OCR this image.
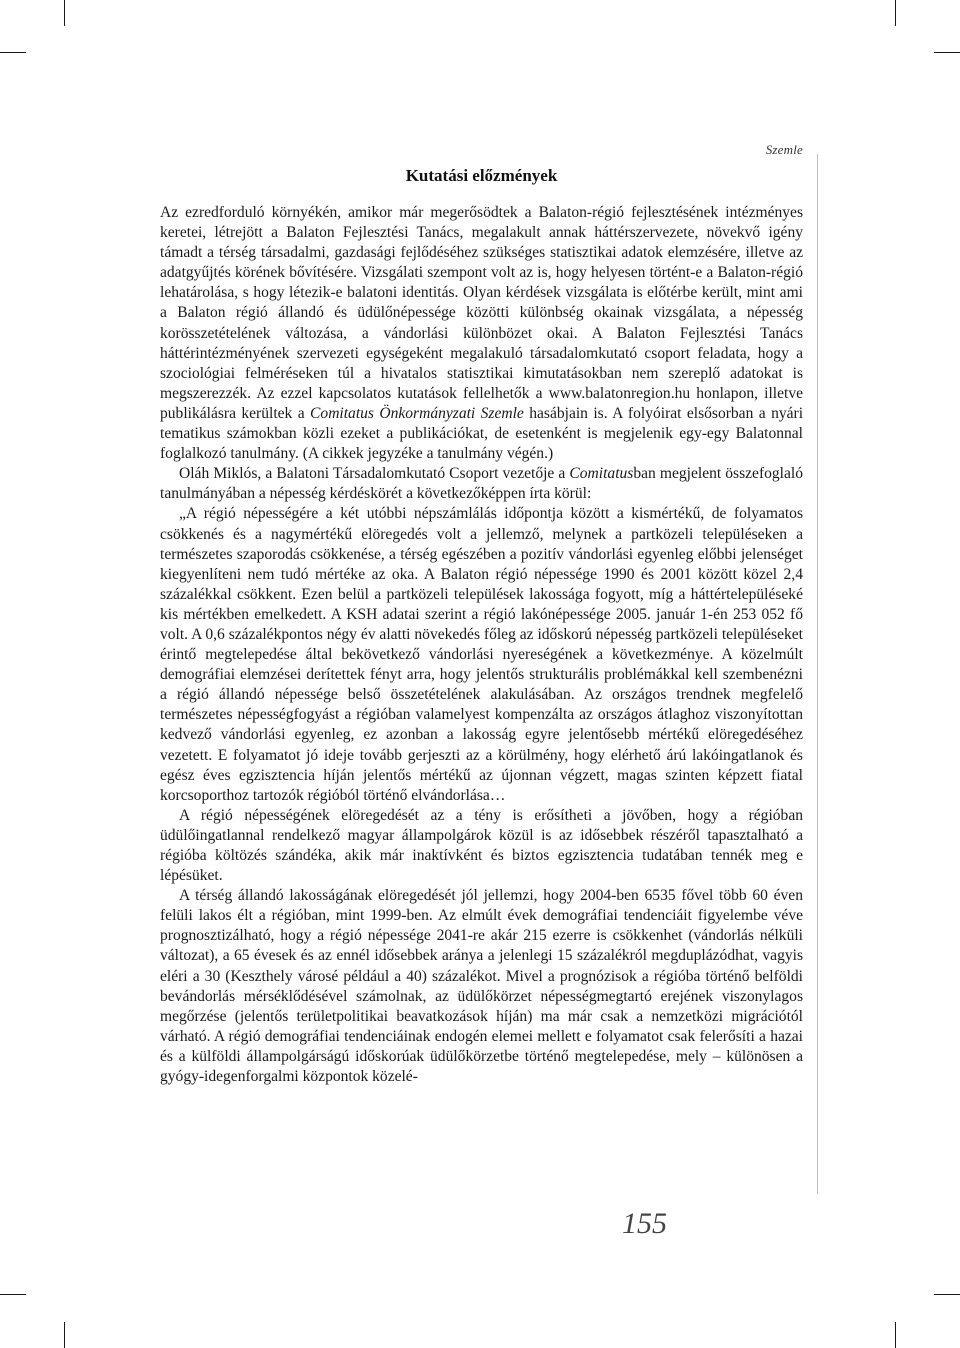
Szemle
Kutatási előzmények

Az ezredforduló környékén, amikor már megerősödtek a Balaton-régió fejlesztésének intézményes keretei, létrejött a Balaton Fejlesztési Tanács, megalakult annak háttérszervezete, növekvő igény támadt a térség társadalmi, gazdasági fejlődéséhez szükséges statisztikai adatok elemzésére, illetve az adatgyűjtés körének bővítésére. Vizsgálati szempont volt az is, hogy helyesen történt-e a Balaton-régió lehatárolása, s hogy létezik-e balatoni identitás. Olyan kérdések vizsgálata is előtérbe került, mint ami a Balaton régió állandó és üdülőnépessége közötti különbség okainak vizsgálata, a népesség korösszetételének változása, a vándorlási különbözet okai. A Balaton Fejlesztési Tanács háttérintézményének szervezeti egységeként megalakuló társadalomkutató csoport feladata, hogy a szociológiai felméréseken túl a hivatalos statisztikai kimutatásokban nem szereplő adatokat is megszerezzék. Az ezzel kapcsolatos kutatások fellelhetők a www.balatonregion.hu honlapon, illetve publikálásra kerültek a Comitatus Önkormányzati Szemle hasábjain is. A folyóirat elsősorban a nyári tematikus számokban közli ezeket a publikációkat, de esetenként is megjelenik egy-egy Balatonnal foglalkozó tanulmány. (A cikkek jegyzéke a tanulmány végén.)

Oláh Miklós, a Balatoni Társadalomkutató Csoport vezetője a Comitatusban megjelent összefoglaló tanulmányában a népesség kérdéskörét a következőképpen írta körül:

„A régió népességére a két utóbbi népszámlálás időpontja között a kismértékű, de folyamatos csökkenés és a nagymértékű elöregedés volt a jellemző, melynek a partközeli településeken a természetes szaporodás csökkenése, a térség egészében a pozitív vándorlási egyenleg előbbi jelenséget kiegyenlíteni nem tudó mértéke az oka. A Balaton régió népessége 1990 és 2001 között közel 2,4 százalékkal csökkent. Ezen belül a partközeli települések lakossága fogyott, míg a háttértelepüléseké kis mértékben emelkedett. A KSH adatai szerint a régió lakónépessége 2005. január 1-én 253 052 fő volt. A 0,6 százalékpontos négy év alatti növekedés főleg az időskorú népesség partközeli településeket érintő megtelepedése által bekövetkező vándorlási nyereségének a következménye. A közelmúlt demográfiai elemzései derítettek fényt arra, hogy jelentős strukturális problémákkal kell szembenézni a régió állandó népessége belső összetételének alakulásában. Az országos trendnek megfelelő természetes népességfogyást a régióban valamelyest kompenzálta az országos átlaghoz viszonyítottan kedvező vándorlási egyenleg, ez azonban a lakosság egyre jelentősebb mértékű elöregedéséhez vezetett. E folyamatot jó ideje tovább gerjeszti az a körülmény, hogy elérhető árú lakóingatlanok és egész éves egzisztencia híján jelentős mértékű az újonnan végzett, magas szinten képzett fiatal korcsoporthoz tartozók régióból történő elvándorlása…

A régió népességének elöregedését az a tény is erősítheti a jövőben, hogy a régióban üdülőingatlannal rendelkező magyar állampolgárok közül is az idősebbek részéről tapasztalható a régióba költözés szándéka, akik már inaktívként és biztos egzisztencia tudatában tennék meg e lépésüket.

A térség állandó lakosságának elöregedését jól jellemzi, hogy 2004-ben 6535 fővel több 60 éven felüli lakos élt a régióban, mint 1999-ben. Az elmúlt évek demográfiai tendenciáit figyelembe véve prognosztizálható, hogy a régió népessége 2041-re akár 215 ezerre is csökkenhet (vándorlás nélküli változat), a 65 évesek és az ennél idősebbek aránya a jelenlegi 15 százalékról megduplázódhat, vagyis eléri a 30 (Keszthely városé például a 40) százalékot. Mivel a prognózisok a régióba történő belföldi bevándorlás mérséklődésével számolnak, az üdülőkörzet népességmegtartó erejének viszonylagos megőrzése (jelentős területpolitikai beavatkozások híján) ma már csak a nemzetközi migrációtól várható. A régió demográfiai tendenciáinak endogén elemei mellett e folyamatot csak felerősíti a hazai és a külföldi állampolgárságú időskorúak üdülőkörzetbe történő megtelepedése, mely – különösen a gyógy-idegenforgalmi központok közelé-

155
